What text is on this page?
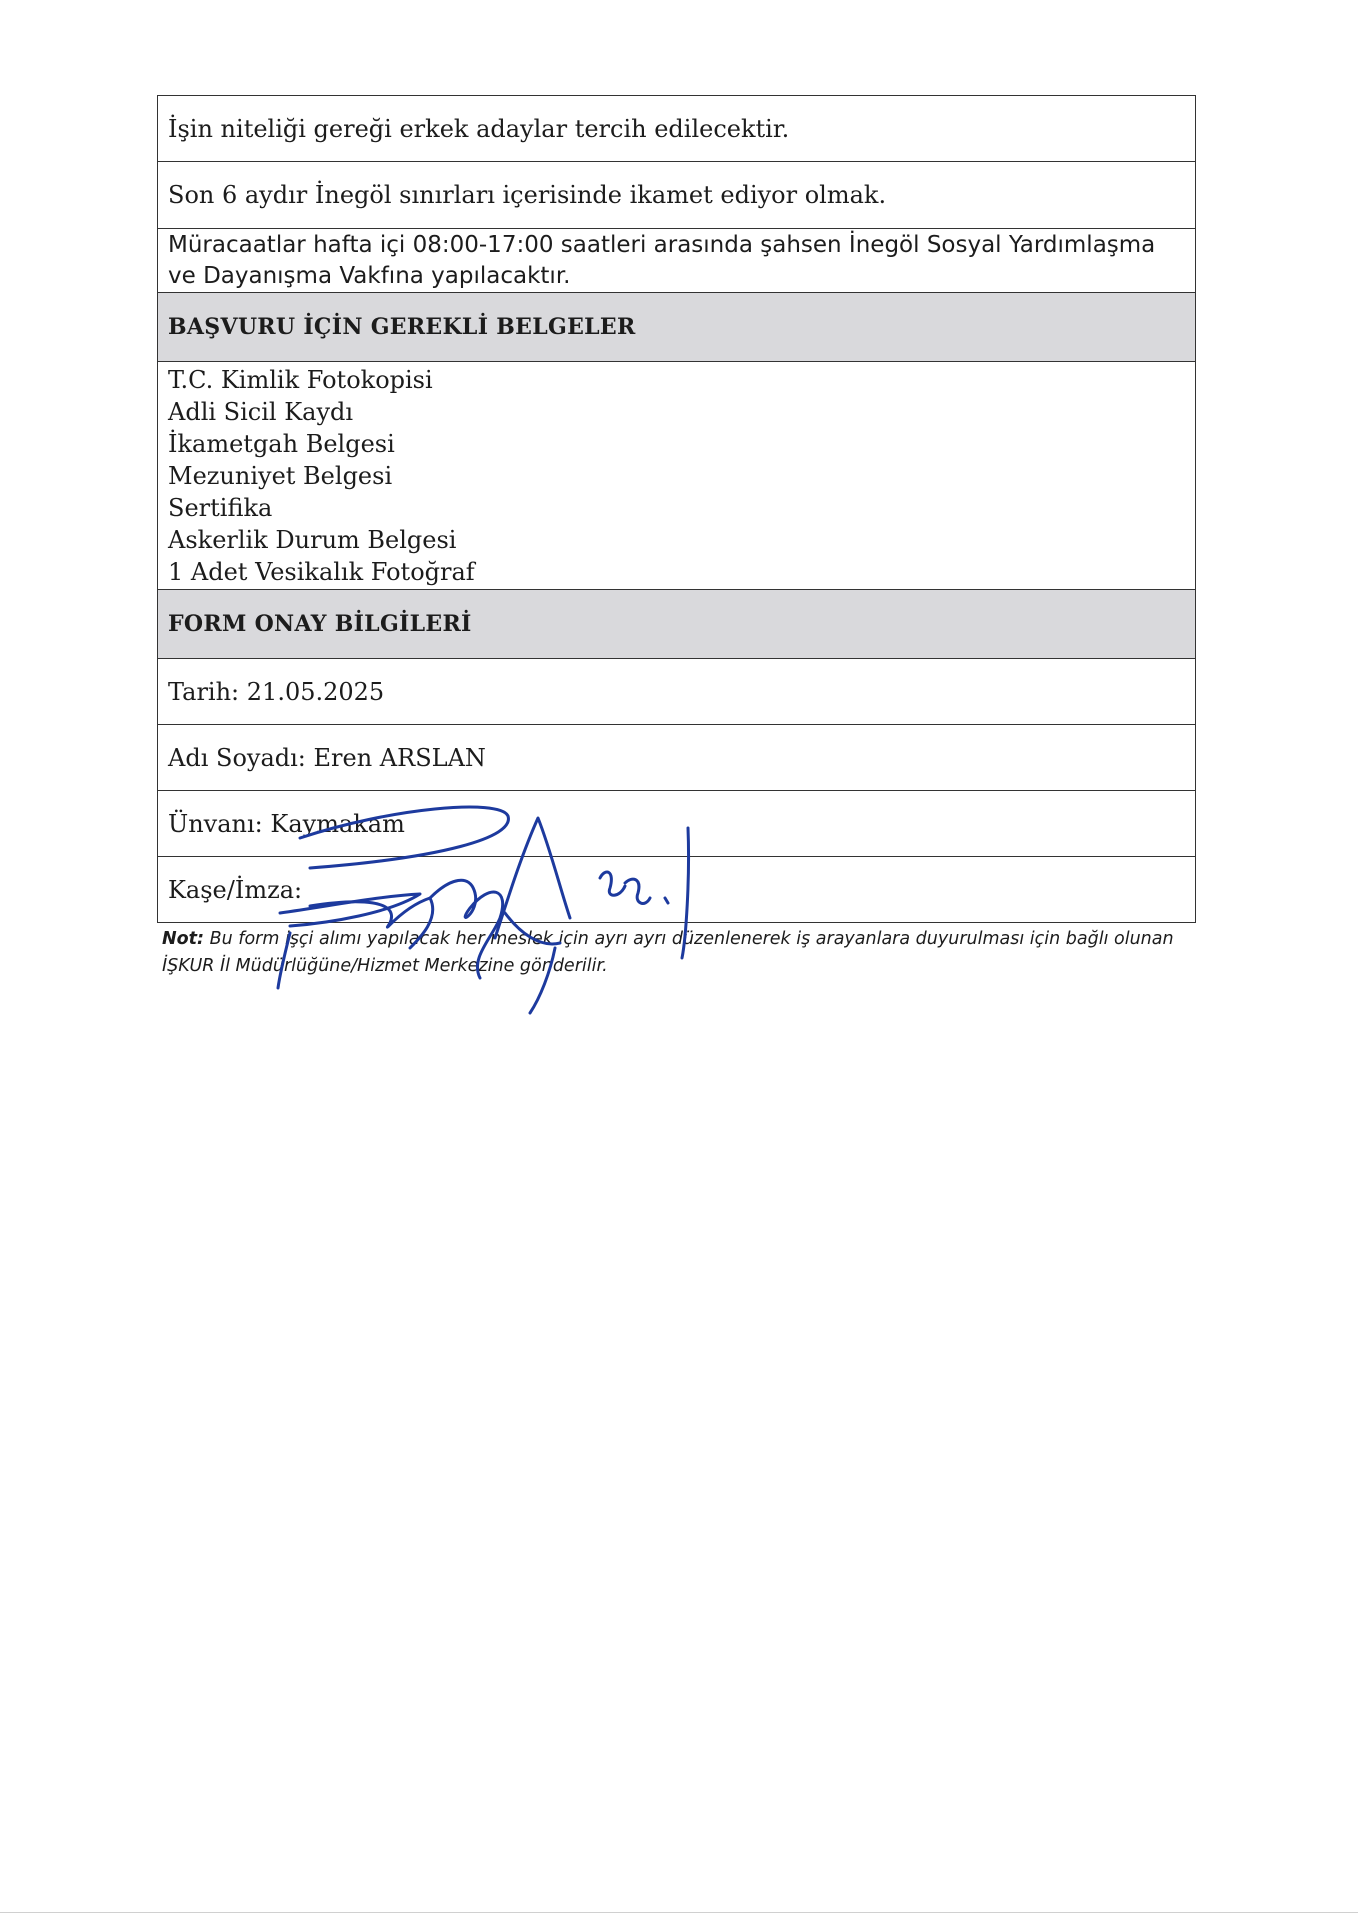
İşin niteliği gereği erkek adaylar tercih edilecektir.
Son 6 aydır İnegöl sınırları içerisinde ikamet ediyor olmak.
Müracaatlar hafta içi 08:00-17:00 saatleri arasında şahsen İnegöl Sosyal Yardımlaşma
ve Dayanışma Vakfına yapılacaktır.
BAŞVURU İÇİN GEREKLİ BELGELER
T.C. Kimlik Fotokopisi
Adli Sicil Kaydı
İkametgah Belgesi
Mezuniyet Belgesi
Sertifika
Askerlik Durum Belgesi
1 Adet Vesikalık Fotoğraf
FORM ONAY BİLGİLERİ
Tarih: 21.05.2025
Adı Soyadı: Eren ARSLAN
Ünvanı: Kaymakam
Kaşe/İmza:
Not: Bu form işçi alımı yapılacak her meslek için ayrı ayrı düzenlenerek iş arayanlara duyurulması için bağlı olunan İŞKUR İl Müdürlüğüne/Hizmet Merkezine gönderilir.
